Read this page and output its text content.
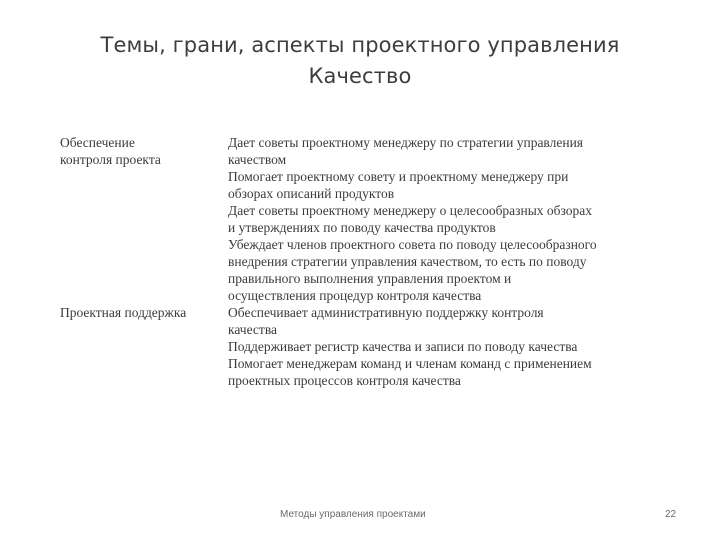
Темы, грани, аспекты проектного управления
Качество
Обеспечение
контроля проекта
Дает советы проектному менеджеру по стратегии управления
качеством
Помогает проектному совету и проектному менеджеру при
обзорах описаний продуктов
Дает советы проектному менеджеру о целесообразных обзорах
и утверждениях по поводу качества продуктов
Убеждает членов проектного совета по поводу целесообразного
внедрения стратегии управления качеством, то есть по поводу
правильного выполнения управления проектом и
осуществления процедур контроля качества
Проектная поддержка	Обеспечивает административную поддержку контроля
качества
Поддерживает регистр качества и записи по поводу качества
Помогает менеджерам команд и членам команд с применением
проектных процессов контроля качества
Методы управления проектами	22
